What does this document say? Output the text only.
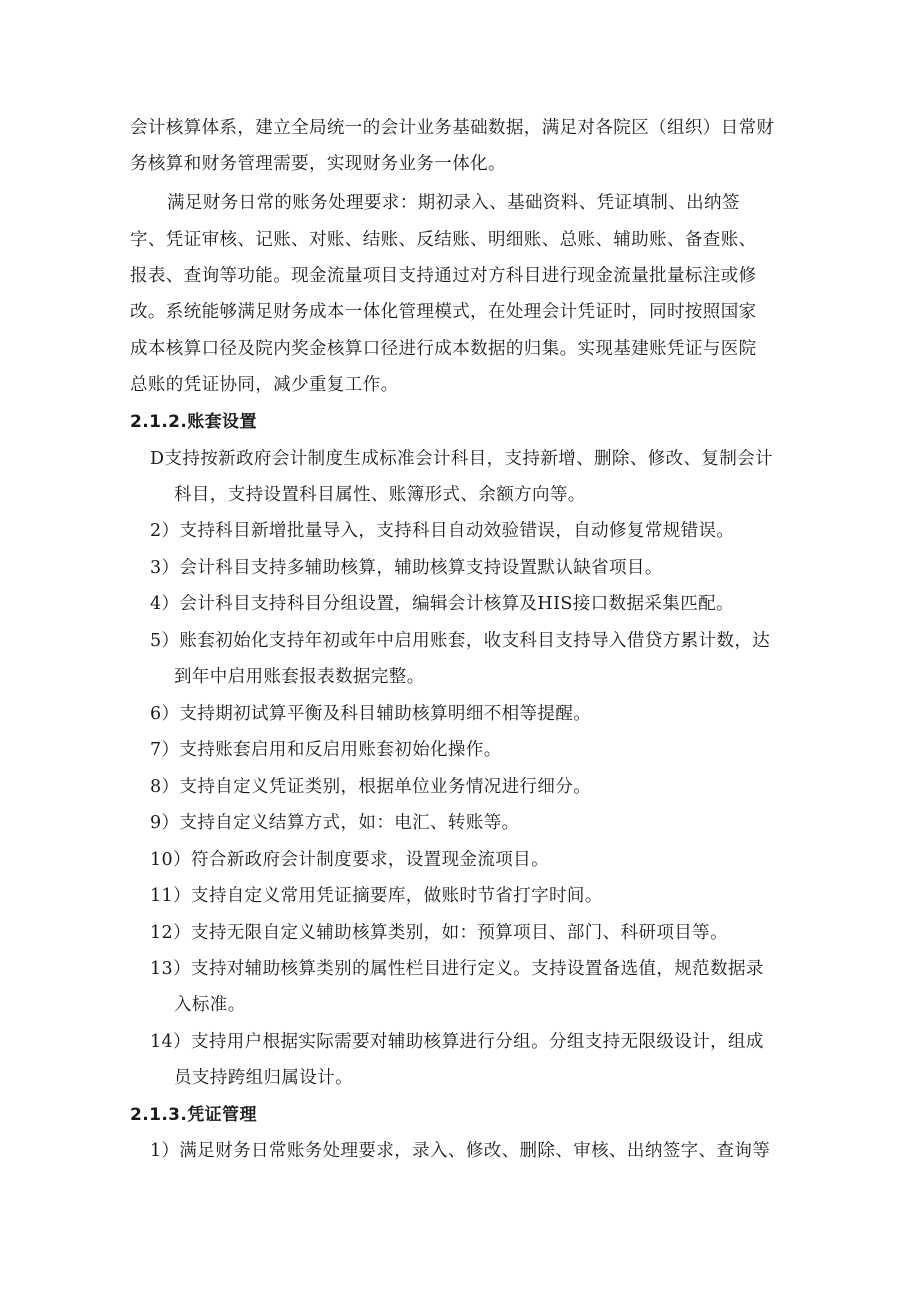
会计核算体系，建立全局统一的会计业务基础数据，满足对各院区（组织）日常财
务核算和财务管理需要，实现财务业务一体化。
满足财务日常的账务处理要求：期初录入、基础资料、凭证填制、出纳签
字、凭证审核、记账、对账、结账、反结账、明细账、总账、辅助账、备查账、
报表、查询等功能。现金流量项目支持通过对方科目进行现金流量批量标注或修
改。系统能够满足财务成本一体化管理模式，在处理会计凭证时，同时按照国家
成本核算口径及院内奖金核算口径进行成本数据的归集。实现基建账凭证与医院
总账的凭证协同，减少重复工作。
2.1.2.账套设置
D支持按新政府会计制度生成标准会计科目，支持新增、删除、修改、复制会计
科目，支持设置科目属性、账簿形式、余额方向等。
2）支持科目新增批量导入，支持科目自动效验错误，自动修复常规错误。
3）会计科目支持多辅助核算，辅助核算支持设置默认缺省项目。
4）会计科目支持科目分组设置，编辑会计核算及HIS接口数据采集匹配。
5）账套初始化支持年初或年中启用账套，收支科目支持导入借贷方累计数，达
到年中启用账套报表数据完整。
6）支持期初试算平衡及科目辅助核算明细不相等提醒。
7）支持账套启用和反启用账套初始化操作。
8）支持自定义凭证类别，根据单位业务情况进行细分。
9）支持自定义结算方式，如：电汇、转账等。
10）符合新政府会计制度要求，设置现金流项目。
11）支持自定义常用凭证摘要库，做账时节省打字时间。
12）支持无限自定义辅助核算类别，如：预算项目、部门、科研项目等。
13）支持对辅助核算类别的属性栏目进行定义。支持设置备选值，规范数据录
入标准。
14）支持用户根据实际需要对辅助核算进行分组。分组支持无限级设计，组成
员支持跨组归属设计。
2.1.3.凭证管理
1）满足财务日常账务处理要求，录入、修改、删除、审核、出纳签字、查询等
